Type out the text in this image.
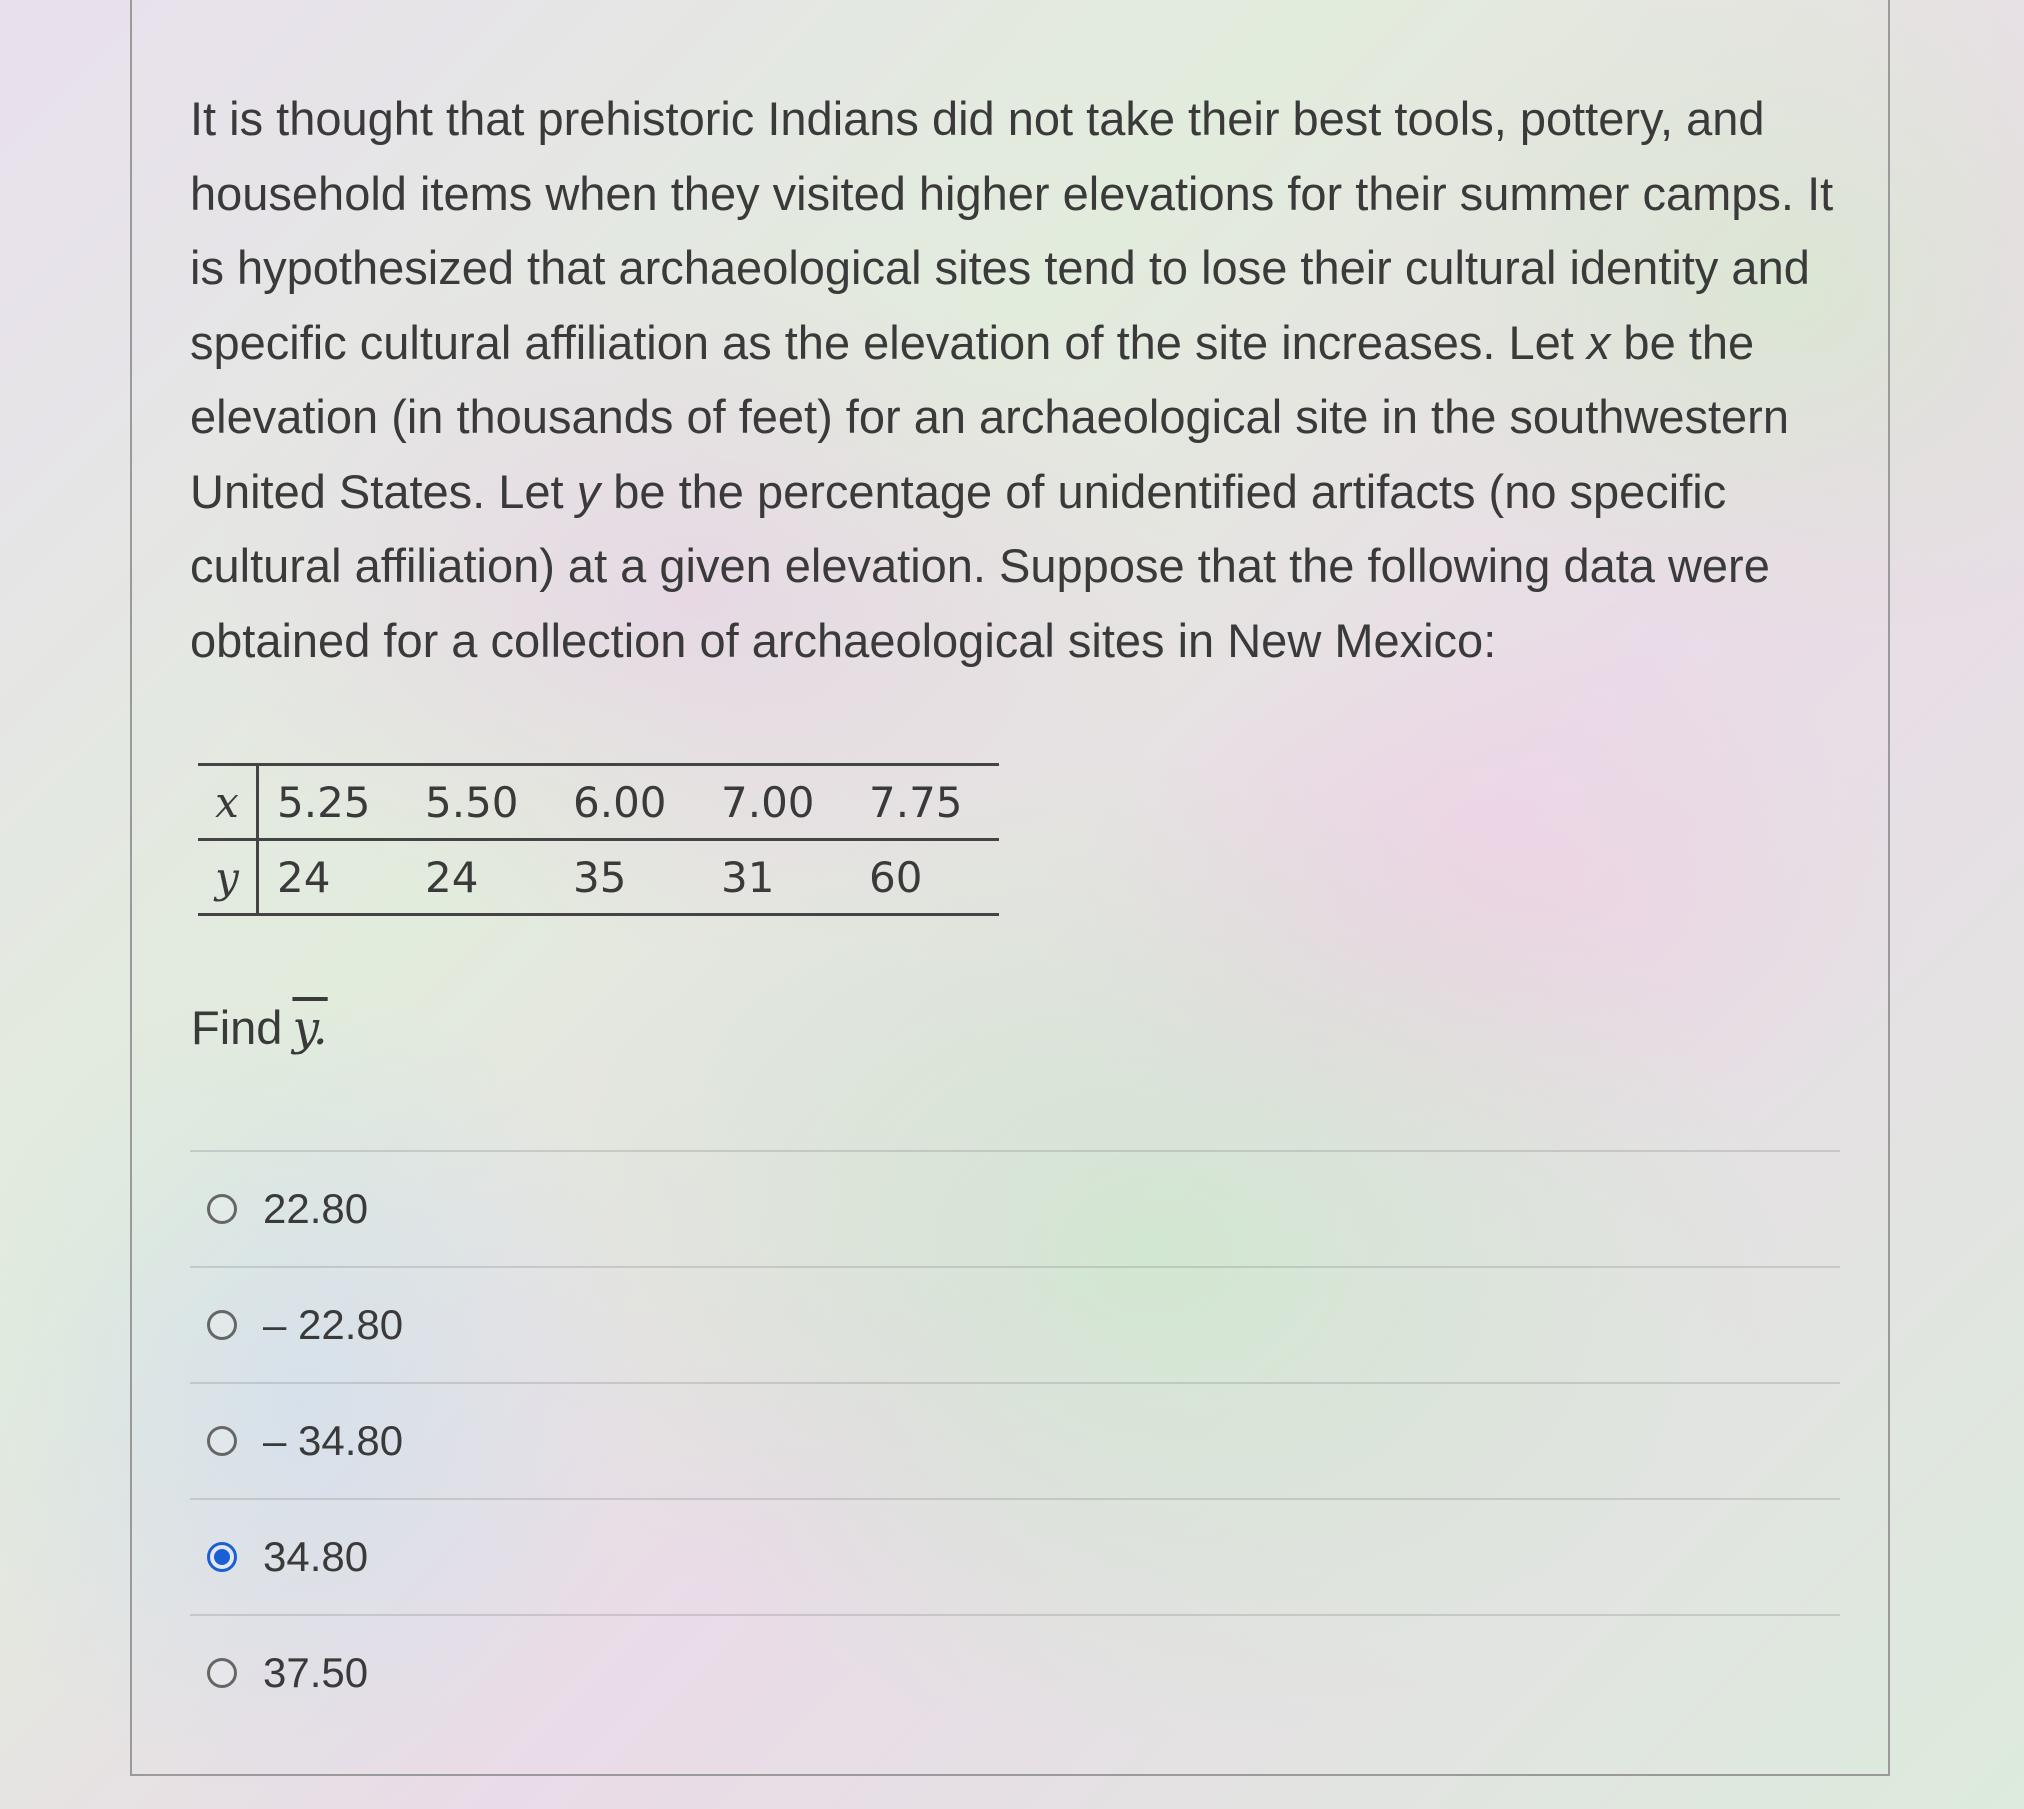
It is thought that prehistoric Indians did not take their best tools, pottery, and household items when they visited higher elevations for their summer camps. It is hypothesized that archaeological sites tend to lose their cultural identity and specific cultural affiliation as the elevation of the site increases. Let x be the elevation (in thousands of feet) for an archaeological site in the southwestern United States. Let y be the percentage of unidentified artifacts (no specific cultural affiliation) at a given elevation. Suppose that the following data were obtained for a collection of archaeological sites in New Mexico:
x	5.25	5.50	6.00	7.00	7.75
y	24	24	35	31	60
Find y.
22.80
– 22.80
– 34.80
34.80
37.50
